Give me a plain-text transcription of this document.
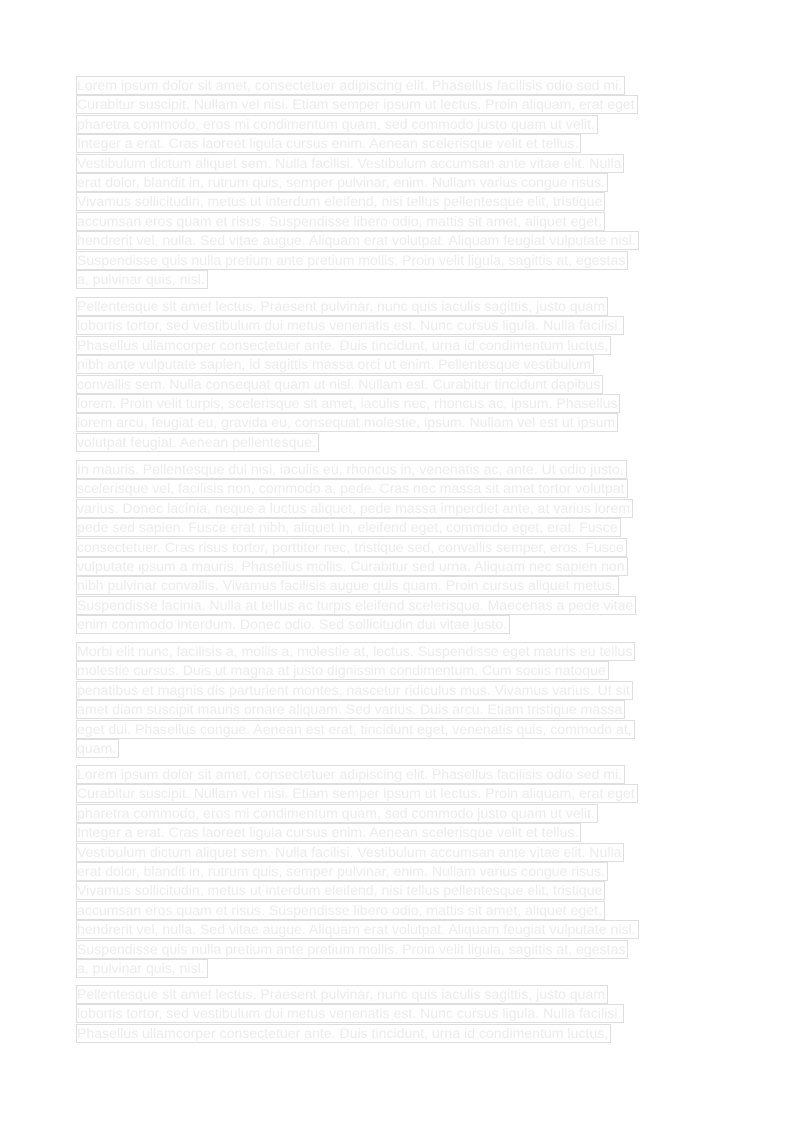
Lorem ipsum dolor sit amet, consectetuer adipiscing elit. Phasellus facilisis odio sed mi.
Curabitur suscipit. Nullam vel nisi. Etiam semper ipsum ut lectus. Proin aliquam, erat eget
pharetra commodo, eros mi condimentum quam, sed commodo justo quam ut velit.
Integer a erat. Cras laoreet ligula cursus enim. Aenean scelerisque velit et tellus.
Vestibulum dictum aliquet sem. Nulla facilisi. Vestibulum accumsan ante vitae elit. Nulla
erat dolor, blandit in, rutrum quis, semper pulvinar, enim. Nullam varius congue risus.
Vivamus sollicitudin, metus ut interdum eleifend, nisi tellus pellentesque elit, tristique
accumsan eros quam et risus. Suspendisse libero odio, mattis sit amet, aliquet eget,
hendrerit vel, nulla. Sed vitae augue. Aliquam erat volutpat. Aliquam feugiat vulputate nisl.
Suspendisse quis nulla pretium ante pretium mollis. Proin velit ligula, sagittis at, egestas
a, pulvinar quis, nisl.
Pellentesque sit amet lectus. Praesent pulvinar, nunc quis iaculis sagittis, justo quam
lobortis tortor, sed vestibulum dui metus venenatis est. Nunc cursus ligula. Nulla facilisi.
Phasellus ullamcorper consectetuer ante. Duis tincidunt, urna id condimentum luctus,
nibh ante vulputate sapien, id sagittis massa orci ut enim. Pellentesque vestibulum
convallis sem. Nulla consequat quam ut nisl. Nullam est. Curabitur tincidunt dapibus
lorem. Proin velit turpis, scelerisque sit amet, iaculis nec, rhoncus ac, ipsum. Phasellus
lorem arcu, feugiat eu, gravida eu, consequat molestie, ipsum. Nullam vel est ut ipsum
volutpat feugiat. Aenean pellentesque.
In mauris. Pellentesque dui nisi, iaculis eu, rhoncus in, venenatis ac, ante. Ut odio justo,
scelerisque vel, facilisis non, commodo a, pede. Cras nec massa sit amet tortor volutpat
varius. Donec lacinia, neque a luctus aliquet, pede massa imperdiet ante, at varius lorem
pede sed sapien. Fusce erat nibh, aliquet in, eleifend eget, commodo eget, erat. Fusce
consectetuer. Cras risus tortor, porttitor nec, tristique sed, convallis semper, eros. Fusce
vulputate ipsum a mauris. Phasellus mollis. Curabitur sed urna. Aliquam nec sapien non
nibh pulvinar convallis. Vivamus facilisis augue quis quam. Proin cursus aliquet metus.
Suspendisse lacinia. Nulla at tellus ac turpis eleifend scelerisque. Maecenas a pede vitae
enim commodo interdum. Donec odio. Sed sollicitudin dui vitae justo.
Morbi elit nunc, facilisis a, mollis a, molestie at, lectus. Suspendisse eget mauris eu tellus
molestie cursus. Duis ut magna at justo dignissim condimentum. Cum sociis natoque
penatibus et magnis dis parturient montes, nascetur ridiculus mus. Vivamus varius. Ut sit
amet diam suscipit mauris ornare aliquam. Sed varius. Duis arcu. Etiam tristique massa
eget dui. Phasellus congue. Aenean est erat, tincidunt eget, venenatis quis, commodo at,
quam.
Lorem ipsum dolor sit amet, consectetuer adipiscing elit. Phasellus facilisis odio sed mi.
Curabitur suscipit. Nullam vel nisi. Etiam semper ipsum ut lectus. Proin aliquam, erat eget
pharetra commodo, eros mi condimentum quam, sed commodo justo quam ut velit.
Integer a erat. Cras laoreet ligula cursus enim. Aenean scelerisque velit et tellus.
Vestibulum dictum aliquet sem. Nulla facilisi. Vestibulum accumsan ante vitae elit. Nulla
erat dolor, blandit in, rutrum quis, semper pulvinar, enim. Nullam varius congue risus.
Vivamus sollicitudin, metus ut interdum eleifend, nisi tellus pellentesque elit, tristique
accumsan eros quam et risus. Suspendisse libero odio, mattis sit amet, aliquet eget,
hendrerit vel, nulla. Sed vitae augue. Aliquam erat volutpat. Aliquam feugiat vulputate nisl.
Suspendisse quis nulla pretium ante pretium mollis. Proin velit ligula, sagittis at, egestas
a, pulvinar quis, nisl.
Pellentesque sit amet lectus. Praesent pulvinar, nunc quis iaculis sagittis, justo quam
lobortis tortor, sed vestibulum dui metus venenatis est. Nunc cursus ligula. Nulla facilisi.
Phasellus ullamcorper consectetuer ante. Duis tincidunt, urna id condimentum luctus,
